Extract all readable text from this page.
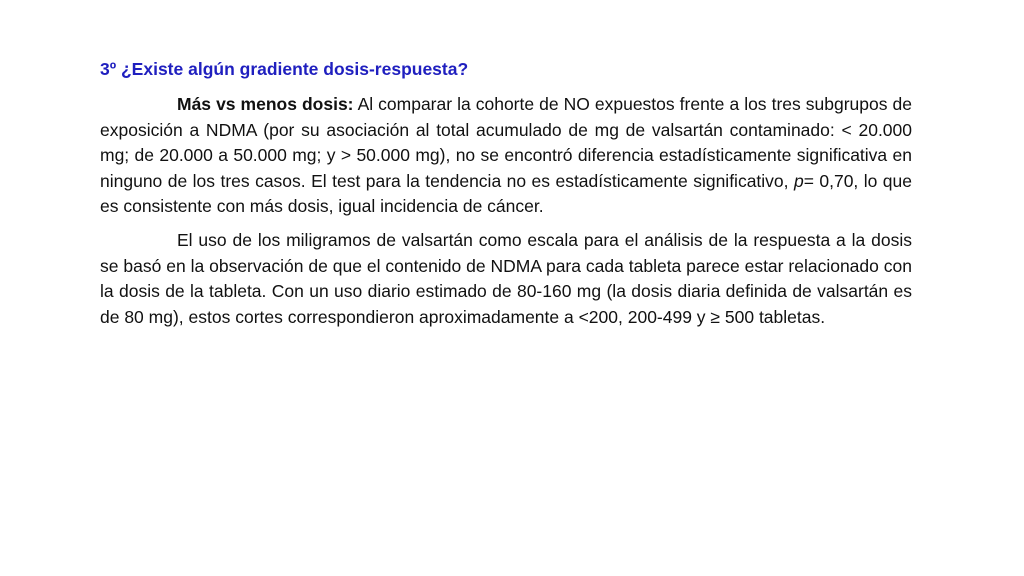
3º ¿Existe algún gradiente dosis-respuesta?

Más vs menos dosis: Al comparar la cohorte de NO expuestos frente a los tres subgrupos de exposición a NDMA (por su asociación al total acumulado de mg de valsartán contaminado: < 20.000 mg; de 20.000 a 50.000 mg; y > 50.000 mg), no se encontró diferencia estadísticamente significativa en ninguno de los tres casos. El test para la tendencia no es estadísticamente significativo, p= 0,70, lo que es consistente con más dosis, igual incidencia de cáncer.

El uso de los miligramos de valsartán como escala para el análisis de la respuesta a la dosis se basó en la observación de que el contenido de NDMA para cada tableta parece estar relacionado con la dosis de la tableta. Con un uso diario estimado de 80-160 mg (la dosis diaria definida de valsartán es de 80 mg), estos cortes correspondieron aproximadamente a <200, 200-499 y ≥ 500 tabletas.
